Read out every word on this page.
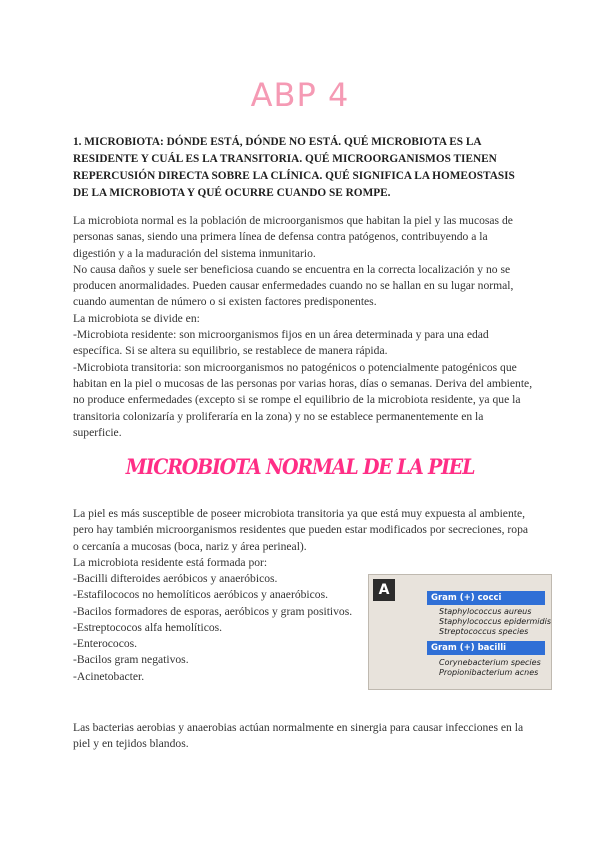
ABP 4

1. MICROBIOTA: DÓNDE ESTÁ, DÓNDE NO ESTÁ. QUÉ MICROBIOTA ES LA RESIDENTE Y CUÁL ES LA TRANSITORIA. QUÉ MICROORGANISMOS TIENEN REPERCUSIÓN DIRECTA SOBRE LA CLÍNICA. QUÉ SIGNIFICA LA HOMEOSTASIS DE LA MICROBIOTA Y QUÉ OCURRE CUANDO SE ROMPE.

La microbiota normal es la población de microorganismos que habitan la piel y las mucosas de personas sanas, siendo una primera línea de defensa contra patógenos, contribuyendo a la digestión y a la maduración del sistema inmunitario.

No causa daños y suele ser beneficiosa cuando se encuentra en la correcta localización y no se producen anormalidades. Pueden causar enfermedades cuando no se hallan en su lugar normal, cuando aumentan de número o si existen factores predisponentes.

La microbiota se divide en:

-Microbiota residente: son microorganismos fijos en un área determinada y para una edad específica. Si se altera su equilibrio, se restablece de manera rápida.

-Microbiota transitoria: son microorganismos no patogénicos o potencialmente patogénicos que habitan en la piel o mucosas de las personas por varias horas, días o semanas. Deriva del ambiente, no produce enfermedades (excepto si se rompe el equilibrio de la microbiota residente, ya que la transitoria colonizaría y proliferaría en la zona) y no se establece permanentemente en la superficie.

MICROBIOTA NORMAL DE LA PIEL

La piel es más susceptible de poseer microbiota transitoria ya que está muy expuesta al ambiente, pero hay también microorganismos residentes que pueden estar modificados por secreciones, ropa o cercanía a mucosas (boca, nariz y área perineal).

La microbiota residente está formada por:

-Bacilli difteroides aeróbicos y anaeróbicos.
-Estafilococos no hemolíticos aeróbicos y anaeróbicos.
-Bacilos formadores de esporas, aeróbicos y gram positivos.
-Estreptococos alfa hemolíticos.
-Enterococos.
-Bacilos gram negativos.
-Acinetobacter.
A	Gram (+) cocci
Staphylococcus aureus
Staphylococcus epidermidis
Streptococcus species
Gram (+) bacilli
Corynebacterium species
Propionibacterium acnes

Las bacterias aerobias y anaerobias actúan normalmente en sinergia para causar infecciones en la piel y en tejidos blandos.
